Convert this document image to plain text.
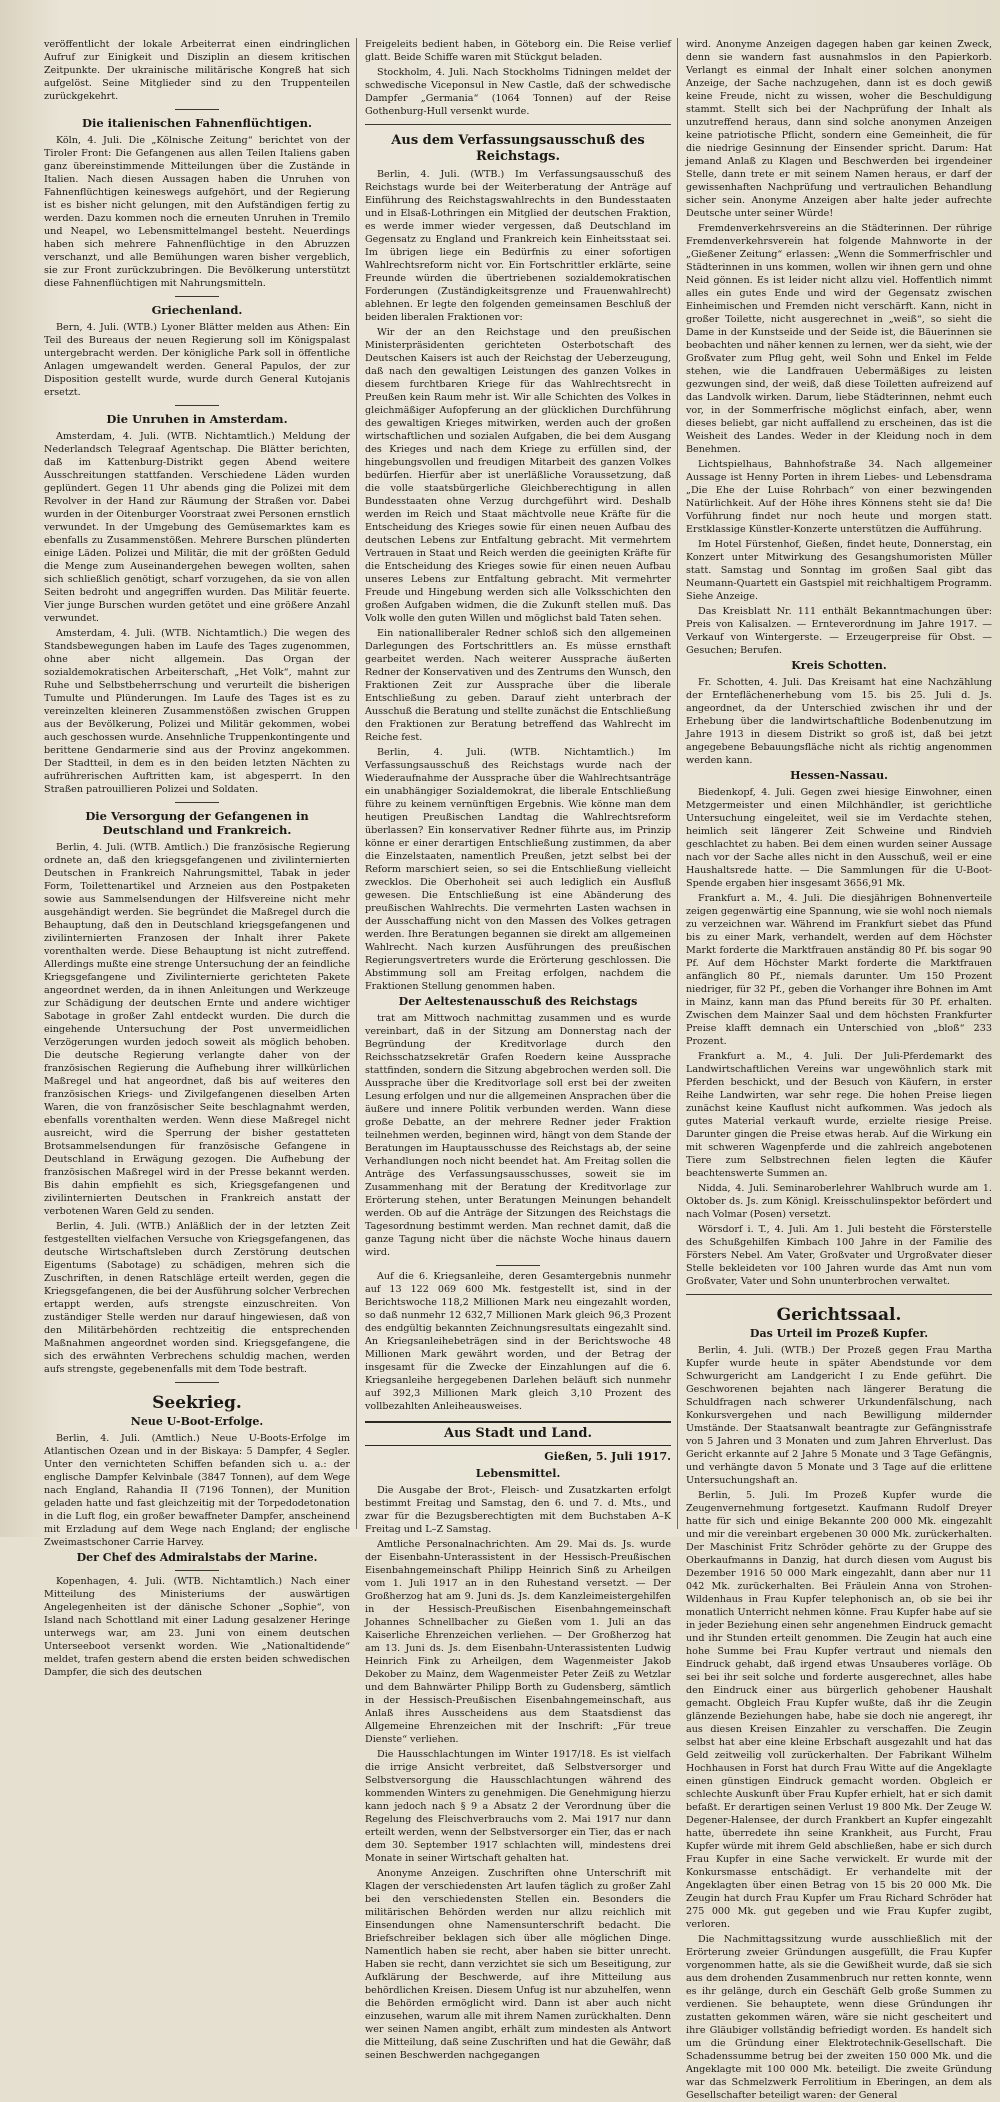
veröffentlicht der lokale Arbeiterrat einen eindringlichen Aufruf zur Einigkeit und Disziplin an diesem kritischen Zeitpunkte. Der ukrainische militärische Kongreß hat sich aufgelöst. Seine Mitglieder sind zu den Truppenteilen zurückgekehrt.

Die italienischen Fahnenflüchtigen.

Köln, 4. Juli. Die „Kölnische Zeitung“ berichtet von der Tiroler Front: Die Gefangenen aus allen Teilen Italiens gaben ganz übereinstimmende Mitteilungen über die Zustände in Italien. Nach diesen Aussagen haben die Unruhen von Fahnenflüchtigen keineswegs aufgehört, und der Regierung ist es bisher nicht gelungen, mit den Aufständigen fertig zu werden. Dazu kommen noch die erneuten Unruhen in Tremilo und Neapel, wo Lebensmittelmangel besteht. Neuerdings haben sich mehrere Fahnenflüchtige in den Abruzzen verschanzt, und alle Bemühungen waren bisher vergeblich, sie zur Front zurückzubringen. Die Bevölkerung unterstützt diese Fahnenflüchtigen mit Nahrungsmitteln.

Griechenland.

Bern, 4. Juli. (WTB.) Lyoner Blätter melden aus Athen: Ein Teil des Bureaus der neuen Regierung soll im Königspalast untergebracht werden. Der königliche Park soll in öffentliche Anlagen umgewandelt werden. General Papulos, der zur Disposition gestellt wurde, wurde durch General Kutojanis ersetzt.

Die Unruhen in Amsterdam.

Amsterdam, 4. Juli. (WTB. Nichtamtlich.) Meldung der Nederlandsch Telegraaf Agentschap. Die Blätter berichten, daß im Kattenburg-Distrikt gegen Abend weitere Ausschreitungen stattfanden. Verschiedene Läden wurden geplündert. Gegen 11 Uhr abends ging die Polizei mit dem Revolver in der Hand zur Räumung der Straßen vor. Dabei wurden in der Oitenburger Voorstraat zwei Personen ernstlich verwundet. In der Umgebung des Gemüsemarktes kam es ebenfalls zu Zusammenstößen. Mehrere Burschen plünderten einige Läden. Polizei und Militär, die mit der größten Geduld die Menge zum Auseinandergehen bewegen wollten, sahen sich schließlich genötigt, scharf vorzugehen, da sie von allen Seiten bedroht und angegriffen wurden. Das Militär feuerte. Vier junge Burschen wurden getötet und eine größere Anzahl verwundet.

Amsterdam, 4. Juli. (WTB. Nichtamtlich.) Die wegen des Standsbewegungen haben im Laufe des Tages zugenommen, ohne aber nicht allgemein. Das Organ der sozialdemokratischen Arbeiterschaft, „Het Volk“, mahnt zur Ruhe und Selbstbeherrschung und verurteilt die bisherigen Tumulte und Plünderungen. Im Laufe des Tages ist es zu vereinzelten kleineren Zusammenstößen zwischen Gruppen aus der Bevölkerung, Polizei und Militär gekommen, wobei auch geschossen wurde. Ansehnliche Truppenkontingente und berittene Gendarmerie sind aus der Provinz angekommen. Der Stadtteil, in dem es in den beiden letzten Nächten zu aufrührerischen Auftritten kam, ist abgesperrt. In den Straßen patrouillieren Polizei und Soldaten.

Die Versorgung der Gefangenen in Deutschland und Frankreich.

Berlin, 4. Juli. (WTB. Amtlich.) Die französische Regierung ordnete an, daß den kriegsgefangenen und zivilinternierten Deutschen in Frankreich Nahrungsmittel, Tabak in jeder Form, Toilettenartikel und Arzneien aus den Postpaketen sowie aus Sammelsendungen der Hilfsvereine nicht mehr ausgehändigt werden. Sie begründet die Maßregel durch die Behauptung, daß den in Deutschland kriegsgefangenen und zivilinternierten Franzosen der Inhalt ihrer Pakete vorenthalten werde. Diese Behauptung ist nicht zutreffend. Allerdings mußte eine strenge Untersuchung der an feindliche Kriegsgefangene und Zivilinternierte gerichteten Pakete angeordnet werden, da in ihnen Anleitungen und Werkzeuge zur Schädigung der deutschen Ernte und andere wichtiger Sabotage in großer Zahl entdeckt wurden. Die durch die eingehende Untersuchung der Post unvermeidlichen Verzögerungen wurden jedoch soweit als möglich behoben. Die deutsche Regierung verlangte daher von der französischen Regierung die Aufhebung ihrer willkürlichen Maßregel und hat angeordnet, daß bis auf weiteres den französischen Kriegs- und Zivilgefangenen dieselben Arten Waren, die von französischer Seite beschlagnahmt werden, ebenfalls vorenthalten werden. Wenn diese Maßregel nicht ausreicht, wird die Sperrung der bisher gestatteten Brotsammelsendungen für französische Gefangene in Deutschland in Erwägung gezogen. Die Aufhebung der französischen Maßregel wird in der Presse bekannt werden. Bis dahin empfiehlt es sich, Kriegsgefangenen und zivilinternierten Deutschen in Frankreich anstatt der verbotenen Waren Geld zu senden.

Berlin, 4. Juli. (WTB.) Anläßlich der in der letzten Zeit festgestellten vielfachen Versuche von Kriegsgefangenen, das deutsche Wirtschaftsleben durch Zerstörung deutschen Eigentums (Sabotage) zu schädigen, mehren sich die Zuschriften, in denen Ratschläge erteilt werden, gegen die Kriegsgefangenen, die bei der Ausführung solcher Verbrechen ertappt werden, aufs strengste einzuschreiten. Von zuständiger Stelle werden nur darauf hingewiesen, daß von den Militärbehörden rechtzeitig die entsprechenden Maßnahmen angeordnet worden sind. Kriegsgefangene, die sich des erwähnten Verbrechens schuldig machen, werden aufs strengste, gegebenenfalls mit dem Tode bestraft.

Seekrieg.
Neue U-Boot-Erfolge.

Berlin, 4. Juli. (Amtlich.) Neue U-Boots-Erfolge im Atlantischen Ozean und in der Biskaya: 5 Dampfer, 4 Segler. Unter den vernichteten Schiffen befanden sich u. a.: der englische Dampfer Kelvinbale (3847 Tonnen), auf dem Wege nach England, Rahandia II (7196 Tonnen), der Munition geladen hatte und fast gleichzeitig mit der Torpedodetonation in die Luft flog, ein großer bewaffneter Dampfer, anscheinend mit Erzladung auf dem Wege nach England; der englische Zweimastschoner Carrie Harvey.

Der Chef des Admiralstabs der Marine.

Kopenhagen, 4. Juli. (WTB. Nichtamtlich.) Nach einer Mitteilung des Ministeriums der auswärtigen Angelegenheiten ist der dänische Schoner „Sophie“, von Island nach Schottland mit einer Ladung gesalzener Heringe unterwegs war, am 23. Juni von einem deutschen Unterseeboot versenkt worden. Wie „Nationaltidende“ meldet, trafen gestern abend die ersten beiden schwedischen Dampfer, die sich des deutschen

Freigeleits bedient haben, in Göteborg ein. Die Reise verlief glatt. Beide Schiffe waren mit Stückgut beladen.

Stockholm, 4. Juli. Nach Stockholms Tidningen meldet der schwedische Viceponsul in New Castle, daß der schwedische Dampfer „Germania“ (1064 Tonnen) auf der Reise Gothenburg-Hull versenkt wurde.

Aus dem Verfassungsausschuß des Reichstags.

Berlin, 4. Juli. (WTB.) Im Verfassungsausschuß des Reichstags wurde bei der Weiterberatung der Anträge auf Einführung des Reichstagswahlrechts in den Bundesstaaten und in Elsaß-Lothringen ein Mitglied der deutschen Fraktion, es werde immer wieder vergessen, daß Deutschland im Gegensatz zu England und Frankreich kein Einheitsstaat sei. Im übrigen liege ein Bedürfnis zu einer sofortigen Wahlrechtsreform nicht vor. Ein Fortschrittler erklärte, seine Freunde würden die übertriebenen sozialdemokratischen Forderungen (Zuständigkeitsgrenze und Frauenwahlrecht) ablehnen. Er legte den folgenden gemeinsamen Beschluß der beiden liberalen Fraktionen vor:

Wir der an den Reichstage und den preußischen Ministerpräsidenten gerichteten Osterbotschaft des Deutschen Kaisers ist auch der Reichstag der Ueberzeugung, daß nach den gewaltigen Leistungen des ganzen Volkes in diesem furchtbaren Kriege für das Wahlrechtsrecht in Preußen kein Raum mehr ist. Wir alle Schichten des Volkes in gleichmäßiger Aufopferung an der glücklichen Durchführung des gewaltigen Krieges mitwirken, werden auch der großen wirtschaftlichen und sozialen Aufgaben, die bei dem Ausgang des Krieges und nach dem Kriege zu erfüllen sind, der hingebungsvollen und freudigen Mitarbeit des ganzen Volkes bedürfen. Hierfür aber ist unerläßliche Voraussetzung, daß die volle staatsbürgerliche Gleichberechtigung in allen Bundesstaaten ohne Verzug durchgeführt wird. Deshalb werden im Reich und Staat mächtvolle neue Kräfte für die Entscheidung des Krieges sowie für einen neuen Aufbau des deutschen Lebens zur Entfaltung gebracht. Mit vermehrtem Vertrauen in Staat und Reich werden die geeinigten Kräfte für die Entscheidung des Krieges sowie für einen neuen Aufbau unseres Lebens zur Entfaltung gebracht. Mit vermehrter Freude und Hingebung werden sich alle Volksschichten den großen Aufgaben widmen, die die Zukunft stellen muß. Das Volk wolle den guten Willen und möglichst bald Taten sehen.

Ein nationalliberaler Redner schloß sich den allgemeinen Darlegungen des Fortschrittlers an. Es müsse ernsthaft gearbeitet werden. Nach weiterer Aussprache äußerten Redner der Konservativen und des Zentrums den Wunsch, den Fraktionen Zeit zur Aussprache über die liberale Entschließung zu geben. Darauf zieht unterbrach der Ausschuß die Beratung und stellte zunächst die Entschließung den Fraktionen zur Beratung betreffend das Wahlrecht im Reiche fest.

Berlin, 4. Juli. (WTB. Nichtamtlich.) Im Verfassungsausschuß des Reichstags wurde nach der Wiederaufnahme der Aussprache über die Wahlrechtsanträge ein unabhängiger Sozialdemokrat, die liberale Entschließung führe zu keinem vernünftigen Ergebnis. Wie könne man dem heutigen Preußischen Landtag die Wahlrechtsreform überlassen? Ein konservativer Redner führte aus, im Prinzip könne er einer derartigen Entschließung zustimmen, da aber die Einzelstaaten, namentlich Preußen, jetzt selbst bei der Reform marschiert seien, so sei die Entschließung vielleicht zwecklos. Die Oberhoheit sei auch lediglich ein Ausfluß gewesen. Die Entschließung ist eine Abänderung des preußischen Wahlrechts. Die vermehrten Lasten wachsen in der Ausschaffung nicht von den Massen des Volkes getragen werden. Ihre Beratungen begannen sie direkt am allgemeinen Wahlrecht. Nach kurzen Ausführungen des preußischen Regierungsvertreters wurde die Erörterung geschlossen. Die Abstimmung soll am Freitag erfolgen, nachdem die Fraktionen Stellung genommen haben.

Der Aeltestenausschuß des Reichstags

trat am Mittwoch nachmittag zusammen und es wurde vereinbart, daß in der Sitzung am Donnerstag nach der Begründung der Kreditvorlage durch den Reichsschatzsekretär Grafen Roedern keine Aussprache stattfinden, sondern die Sitzung abgebrochen werden soll. Die Aussprache über die Kreditvorlage soll erst bei der zweiten Lesung erfolgen und nur die allgemeinen Ansprachen über die äußere und innere Politik verbunden werden. Wann diese große Debatte, an der mehrere Redner jeder Fraktion teilnehmen werden, beginnen wird, hängt von dem Stande der Beratungen im Hauptausschusse des Reichstags ab, der seine Verhandlungen noch nicht beendet hat. Am Freitag sollen die Anträge des Verfassungsausschusses, soweit sie im Zusammenhang mit der Beratung der Kreditvorlage zur Erörterung stehen, unter Beratungen Meinungen behandelt werden. Ob auf die Anträge der Sitzungen des Reichstags die Tagesordnung bestimmt werden. Man rechnet damit, daß die ganze Tagung nicht über die nächste Woche hinaus dauern wird.

Auf die 6. Kriegsanleihe, deren Gesamtergebnis nunmehr auf 13 122 069 600 Mk. festgestellt ist, sind in der Berichtswoche 118,2 Millionen Mark neu eingezahlt worden, so daß nunmehr 12 632,7 Millionen Mark gleich 96,3 Prozent des endgültig bekannten Zeichnungsresultats eingezahlt sind. An Kriegsanleihebeträgen sind in der Berichtswoche 48 Millionen Mark gewährt worden, und der Betrag der insgesamt für die Zwecke der Einzahlungen auf die 6. Kriegsanleihe hergegebenen Darlehen beläuft sich nunmehr auf 392,3 Millionen Mark gleich 3,10 Prozent des vollbezahlten Anleiheausweises.

Aus Stadt und Land.
Gießen, 5. Juli 1917.
Lebensmittel.

Die Ausgabe der Brot-, Fleisch- und Zusatzkarten erfolgt bestimmt Freitag und Samstag, den 6. und 7. d. Mts., und zwar für die Bezugsberechtigten mit dem Buchstaben A–K Freitag und L–Z Samstag.

Amtliche Personalnachrichten. Am 29. Mai ds. Js. wurde der Eisenbahn-Unterassistent in der Hessisch-Preußischen Eisenbahngemeinschaft Philipp Heinrich Sinß zu Arheilgen vom 1. Juli 1917 an in den Ruhestand versetzt. — Der Großherzog hat am 9. Juni ds. Js. dem Kanzleimeistergehilfen in der Hessisch-Preußischen Eisenbahngemeinschaft Johannes Schnellbacher zu Gießen vom 1. Juli an das Kaiserliche Ehrenzeichen verliehen. — Der Großherzog hat am 13. Juni ds. Js. dem Eisenbahn-Unterassistenten Ludwig Heinrich Fink zu Arheilgen, dem Wagenmeister Jakob Dekober zu Mainz, dem Wagenmeister Peter Zeiß zu Wetzlar und dem Bahnwärter Philipp Borth zu Gudensberg, sämtlich in der Hessisch-Preußischen Eisenbahngemeinschaft, aus Anlaß ihres Ausscheidens aus dem Staatsdienst das Allgemeine Ehrenzeichen mit der Inschrift: „Für treue Dienste“ verliehen.

Die Hausschlachtungen im Winter 1917/18. Es ist vielfach die irrige Ansicht verbreitet, daß Selbstversorger und Selbstversorgung die Hausschlachtungen während des kommenden Winters zu genehmigen. Die Genehmigung hierzu kann jedoch nach § 9 a Absatz 2 der Verordnung über die Regelung des Fleischverbrauchs vom 2. Mai 1917 nur dann erteilt werden, wenn der Selbstversorger ein Tier, das er nach dem 30. September 1917 schlachten will, mindestens drei Monate in seiner Wirtschaft gehalten hat.

Anonyme Anzeigen. Zuschriften ohne Unterschrift mit Klagen der verschiedensten Art laufen täglich zu großer Zahl bei den verschiedensten Stellen ein. Besonders die militärischen Behörden werden nur allzu reichlich mit Einsendungen ohne Namensunterschrift bedacht. Die Briefschreiber beklagen sich über alle möglichen Dinge. Namentlich haben sie recht, aber haben sie bitter unrecht. Haben sie recht, dann verzichtet sie sich um Beseitigung, zur Aufklärung der Beschwerde, auf ihre Mitteilung aus behördlichen Kreisen. Diesem Unfug ist nur abzuhelfen, wenn die Behörden ermöglicht wird. Dann ist aber auch nicht einzusehen, warum alle mit ihrem Namen zurückhalten. Denn wer seinen Namen angibt, erhält zum mindesten als Antwort die Mitteilung, daß seine Zuschriften und hat die Gewähr, daß seinen Beschwerden nachgegangen

wird. Anonyme Anzeigen dagegen haben gar keinen Zweck, denn sie wandern fast ausnahmslos in den Papierkorb. Verlangt es einmal der Inhalt einer solchen anonymen Anzeige, der Sache nachzugehen, dann ist es doch gewiß keine Freude, nicht zu wissen, woher die Beschuldigung stammt. Stellt sich bei der Nachprüfung der Inhalt als unzutreffend heraus, dann sind solche anonymen Anzeigen keine patriotische Pflicht, sondern eine Gemeinheit, die für die niedrige Gesinnung der Einsender spricht. Darum: Hat jemand Anlaß zu Klagen und Beschwerden bei irgendeiner Stelle, dann trete er mit seinem Namen heraus, er darf der gewissenhaften Nachprüfung und vertraulichen Behandlung sicher sein. Anonyme Anzeigen aber halte jeder aufrechte Deutsche unter seiner Würde!

Fremdenverkehrsvereins an die Städterinnen. Der rührige Fremdenverkehrsverein hat folgende Mahnworte in der „Gießener Zeitung“ erlassen: „Wenn die Sommerfrischler und Städterinnen in uns kommen, wollen wir ihnen gern und ohne Neid gönnen. Es ist leider nicht allzu viel. Hoffentlich nimmt alles ein gutes Ende und wird der Gegensatz zwischen Einheimischen und Fremden nicht verschärft. Kann, nicht in großer Toilette, nicht ausgerechnet in „weiß“, so sieht die Dame in der Kunstseide und der Seide ist, die Bäuerinnen sie beobachten und näher kennen zu lernen, wer da sieht, wie der Großvater zum Pflug geht, weil Sohn und Enkel im Felde stehen, wie die Landfrauen Uebermäßiges zu leisten gezwungen sind, der weiß, daß diese Toiletten aufreizend auf das Landvolk wirken. Darum, liebe Städterinnen, nehmt euch vor, in der Sommerfrische möglichst einfach, aber, wenn dieses beliebt, gar nicht auffallend zu erscheinen, das ist die Weisheit des Landes. Weder in der Kleidung noch in dem Benehmen.

Lichtspielhaus, Bahnhofstraße 34. Nach allgemeiner Aussage ist Henny Porten in ihrem Liebes- und Lebensdrama „Die Ehe der Luise Rohrbach“ von einer bezwingenden Natürlichkeit. Auf der Höhe ihres Könnens steht sie da! Die Vorführung findet nur noch heute und morgen statt. Erstklassige Künstler-Konzerte unterstützen die Aufführung.

Im Hotel Fürstenhof, Gießen, findet heute, Donnerstag, ein Konzert unter Mitwirkung des Gesangshumoristen Müller statt. Samstag und Sonntag im großen Saal gibt das Neumann-Quartett ein Gastspiel mit reichhaltigem Programm. Siehe Anzeige.

Das Kreisblatt Nr. 111 enthält Bekanntmachungen über: Preis von Kalisalzen. — Ernteverordnung im Jahre 1917. — Verkauf von Wintergerste. — Erzeugerpreise für Obst. — Gesuchen; Berufen.

Kreis Schotten.

Fr. Schotten, 4. Juli. Das Kreisamt hat eine Nachzählung der Ernteflächenerhebung vom 15. bis 25. Juli d. Js. angeordnet, da der Unterschied zwischen ihr und der Erhebung über die landwirtschaftliche Bodenbenutzung im Jahre 1913 in diesem Distrikt so groß ist, daß bei jetzt angegebene Bebauungsfläche nicht als richtig angenommen werden kann.

Hessen-Nassau.

Biedenkopf, 4. Juli. Gegen zwei hiesige Einwohner, einen Metzgermeister und einen Milchhändler, ist gerichtliche Untersuchung eingeleitet, weil sie im Verdachte stehen, heimlich seit längerer Zeit Schweine und Rindvieh geschlachtet zu haben. Bei dem einen wurden seiner Aussage nach vor der Sache alles nicht in den Ausschuß, weil er eine Haushaltsrede hatte. — Die Sammlungen für die U-Boot-Spende ergaben hier insgesamt 3656,91 Mk.

Frankfurt a. M., 4. Juli. Die diesjährigen Bohnenverteile zeigen gegenwärtig eine Spannung, wie sie wohl noch niemals zu verzeichnen war. Während im Frankfurt siebet das Pfund bis zu einer Mark, verhandelt, werden auf dem Höchster Markt forderte die Marktfrauen anständig 80 Pf. bis sogar 90 Pf. Auf dem Höchster Markt forderte die Marktfrauen anfänglich 80 Pf., niemals darunter. Um 150 Prozent niedriger, für 32 Pf., geben die Vorhanger ihre Bohnen im Amt in Mainz, kann man das Pfund bereits für 30 Pf. erhalten. Zwischen dem Mainzer Saal und dem höchsten Frankfurter Preise klafft demnach ein Unterschied von „bloß“ 233 Prozent.

Frankfurt a. M., 4. Juli. Der Juli-Pferdemarkt des Landwirtschaftlichen Vereins war ungewöhnlich stark mit Pferden beschickt, und der Besuch von Käufern, in erster Reihe Landwirten, war sehr rege. Die hohen Preise liegen zunächst keine Kauflust nicht aufkommen. Was jedoch als gutes Material verkauft wurde, erzielte riesige Preise. Darunter gingen die Preise etwas herab. Auf die Wirkung ein mit schweren Wagenpferde und die zahlreich angebotenen Tiere zum Selbstrechnen fielen legten die Käufer beachtenswerte Summen an.

Nidda, 4. Juli. Seminaroberlehrer Wahlbruch wurde am 1. Oktober ds. Js. zum Königl. Kreisschulinspektor befördert und nach Volmar (Posen) versetzt.

Wörsdorf i. T., 4. Juli. Am 1. Juli besteht die Försterstelle des Schußgehilfen Kimbach 100 Jahre in der Familie des Försters Nebel. Am Vater, Großvater und Urgroßvater dieser Stelle bekleideten vor 100 Jahren wurde das Amt nun vom Großvater, Vater und Sohn ununterbrochen verwaltet.

Gerichtssaal.
Das Urteil im Prozeß Kupfer.

Berlin, 4. Juli. (WTB.) Der Prozeß gegen Frau Martha Kupfer wurde heute in später Abendstunde vor dem Schwurgericht am Landgericht I zu Ende geführt. Die Geschworenen bejahten nach längerer Beratung die Schuldfragen nach schwerer Urkundenfälschung, nach Konkursvergehen und nach Bewilligung mildernder Umstände. Der Staatsanwalt beantragte zur Gefängnisstrafe von 5 Jahren und 3 Monaten und zum Jahren Ehrverlust. Das Gericht erkannte auf 2 Jahre 5 Monate und 3 Tage Gefängnis, und verhängte davon 5 Monate und 3 Tage auf die erlittene Untersuchungshaft an.

Berlin, 5. Juli. Im Prozeß Kupfer wurde die Zeugenvernehmung fortgesetzt. Kaufmann Rudolf Dreyer hatte für sich und einige Bekannte 200 000 Mk. eingezahlt und mir die vereinbart ergebenen 30 000 Mk. zurückerhalten. Der Maschinist Fritz Schröder gehörte zu der Gruppe des Oberkaufmanns in Danzig, hat durch diesen vom August bis Dezember 1916 50 000 Mark eingezahlt, dann aber nur 11 042 Mk. zurückerhalten. Bei Fräulein Anna von Strohen-Wildenhaus in Frau Kupfer telephonisch an, ob sie bei ihr monatlich Unterricht nehmen könne. Frau Kupfer habe auf sie in jeder Beziehung einen sehr angenehmen Eindruck gemacht und ihr Stunden erteilt genommen. Die Zeugin hat auch eine hohe Summe bei Frau Kupfer vertraut und niemals den Eindruck gehabt, daß irgend etwas Unsauberes vorläge. Ob sei bei ihr seit solche und forderte ausgerechnet, alles habe den Eindruck einer aus bürgerlich gehobener Haushalt gemacht. Obgleich Frau Kupfer wußte, daß ihr die Zeugin glänzende Beziehungen habe, habe sie doch nie angeregt, ihr aus diesen Kreisen Einzahler zu verschaffen. Die Zeugin selbst hat aber eine kleine Erbschaft ausgezahlt und hat das Geld zeitweilig voll zurückerhalten. Der Fabrikant Wilhelm Hochhausen in Forst hat durch Frau Witte auf die Angeklagte einen günstigen Eindruck gemacht worden. Obgleich er schlechte Auskunft über Frau Kupfer erhielt, hat er sich damit befaßt. Er derartigen seinen Verlust 19 800 Mk. Der Zeuge W. Degener-Halensee, der durch Frankbert an Kupfer eingezahlt hatte, überredete ihn seine Krankheit, aus Furcht, Frau Kupfer würde mit ihrem Geld abschließen, habe er sich durch Frau Kupfer in eine Sache verwickelt. Er wurde mit der Konkursmasse entschädigt. Er verhandelte mit der Angeklagten über einen Betrag von 15 bis 20 000 Mk. Die Zeugin hat durch Frau Kupfer um Frau Richard Schröder hat 275 000 Mk. gut gegeben und wie Frau Kupfer zugibt, verloren.

Die Nachmittagssitzung wurde ausschließlich mit der Erörterung zweier Gründungen ausgefüllt, die Frau Kupfer vorgenommen hatte, als sie die Gewißheit wurde, daß sie sich aus dem drohenden Zusammenbruch nur retten konnte, wenn es ihr gelänge, durch ein Geschäft Gelb große Summen zu verdienen. Sie behauptete, wenn diese Gründungen ihr zustatten gekommen wären, wäre sie nicht gescheitert und ihre Gläubiger vollständig befriedigt worden. Es handelt sich um die Gründung einer Elektrotechnik-Gesellschaft. Die Schadenssumme betrug bei der zweiten 150 000 Mk. und die Angeklagte mit 100 000 Mk. beteiligt. Die zweite Gründung war das Schmelzwerk Ferrolitium in Eberingen, an dem als Gesellschafter beteiligt waren: der General
